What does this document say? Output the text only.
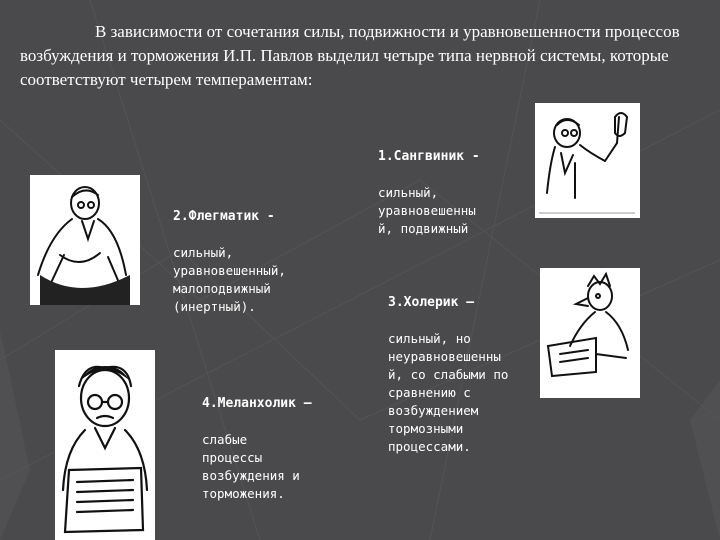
В зависимости от сочетания силы, подвижности и уравновешенности процессов возбуждения и торможения И.П. Павлов выделил четыре типа нервной системы, которые соответствуют четырем темпераментам:

1.Сангвиник -

сильный,
уравновешенны
й, подвижный

2.Флегматик -

сильный,
уравновешенный,
малоподвижный
(инертный).	3.Холерик –

сильный, но
неуравновешенны
й, со слабыми по
сравнению с
возбуждением
тормозными
процессами.

4.Меланхолик –

слабые
процессы
возбуждения и
торможения.
